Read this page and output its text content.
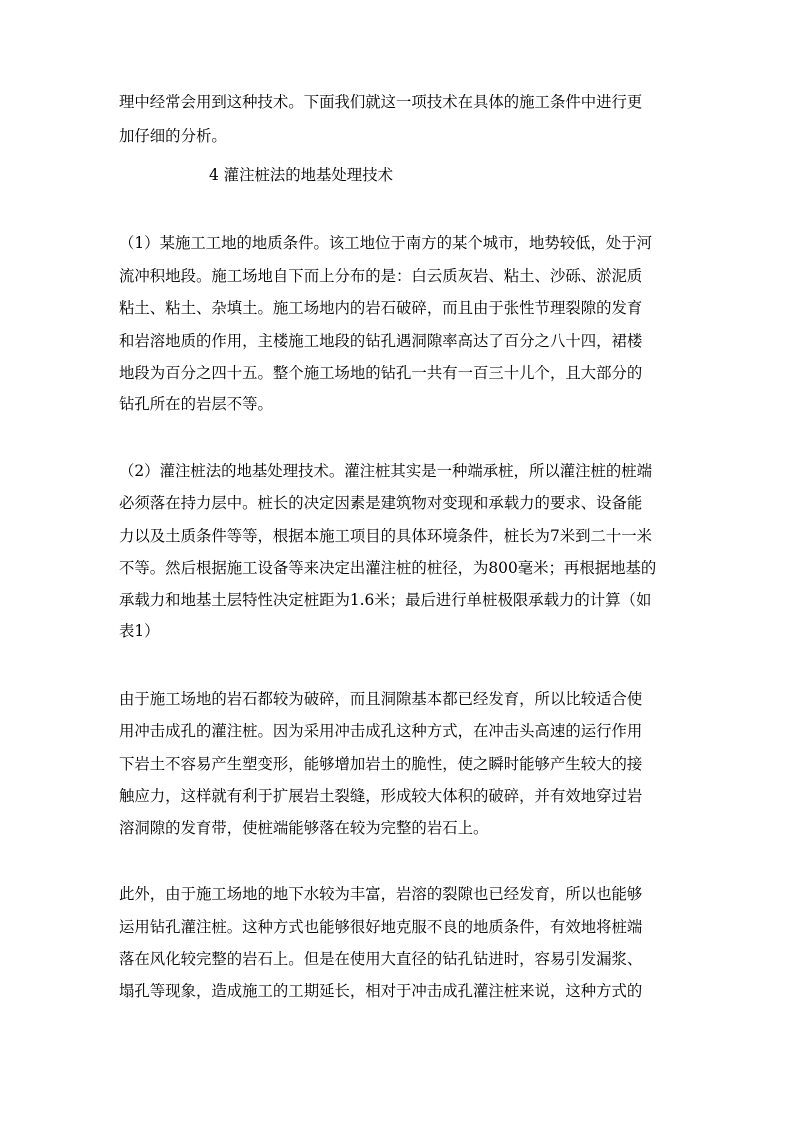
理中经常会用到这种技术。下面我们就这一项技术在具体的施工条件中进行更
加仔细的分析。
4 灌注桩法的地基处理技术
（1）某施工工地的地质条件。该工地位于南方的某个城市，地势较低，处于河
流冲积地段。施工场地自下而上分布的是：白云质灰岩、粘土、沙砾、淤泥质
粘土、粘土、杂填土。施工场地内的岩石破碎，而且由于张性节理裂隙的发育
和岩溶地质的作用，主楼施工地段的钻孔遇洞隙率高达了百分之八十四，裙楼
地段为百分之四十五。整个施工场地的钻孔一共有一百三十儿个，且大部分的
钻孔所在的岩层不等。
（2）灌注桩法的地基处理技术。灌注桩其实是一种端承桩，所以灌注桩的桩端
必须落在持力层中。桩长的决定因素是建筑物对变现和承载力的要求、设备能
力以及土质条件等等，根据本施工项目的具体环境条件，桩长为7米到二十一米
不等。然后根据施工设备等来决定出灌注桩的桩径，为800毫米；再根据地基的
承载力和地基土层特性决定桩距为1.6米；最后进行单桩极限承载力的计算（如
表1）
由于施工场地的岩石都较为破碎，而且洞隙基本都已经发育，所以比较适合使
用冲击成孔的灌注桩。因为采用冲击成孔这种方式，在冲击头高速的运行作用
下岩土不容易产生塑变形，能够增加岩土的脆性，使之瞬时能够产生较大的接
触应力，这样就有利于扩展岩土裂缝，形成较大体积的破碎，并有效地穿过岩
溶洞隙的发育带，使桩端能够落在较为完整的岩石上。
此外，由于施工场地的地下水较为丰富，岩溶的裂隙也已经发育，所以也能够
运用钻孔灌注桩。这种方式也能够很好地克服不良的地质条件，有效地将桩端
落在风化较完整的岩石上。但是在使用大直径的钻孔钻进时，容易引发漏浆、
塌孔等现象，造成施工的工期延长，相对于冲击成孔灌注桩来说，这种方式的
